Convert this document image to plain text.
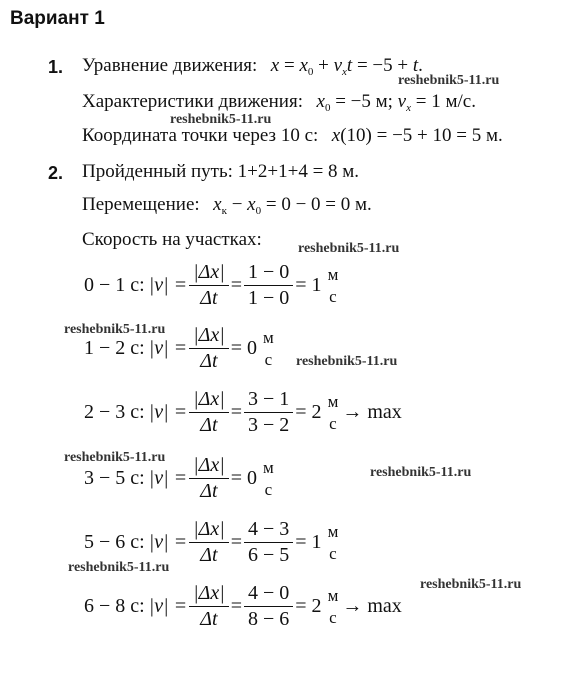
Вариант 1
1. Уравнение движения: $x = x_0 + v_xt = -5 + t$.
Характеристики движения: $x_0 = -5$ м; $v_x = 1$ м/с.
Координата точки через 10 с: x(10) = −5 + 10 = 5 м.
2. Пройденный путь: 1+2+1+4 = 8 м.
Перемещение: $x_к - x_0 = 0 - 0 = 0$ м.
Скорость на участках:
0 − 1 с: $|v| = \frac{|\Delta x|}{\Delta t} = \frac{1 - 0}{1 - 0} = 1$ м
с
1 − 2 с: $|v| = \frac{|\Delta x|}{\Delta t} = 0$ м
с
2 − 3 с: $|v| = \frac{|\Delta x|}{\Delta t} = \frac{3 - 1}{3 - 2} = 2$ м
с → max
3 − 5 с: $|v| = \frac{|\Delta x|}{\Delta t} = 0$ м
с
5 − 6 с: $|v| = \frac{|\Delta x|}{\Delta t} = \frac{4 - 3}{6 - 5} = 1$ м
с
6 − 8 с: $|v| = \frac{|\Delta x|}{\Delta t} = \frac{4 - 0}{8 - 6} = 2$ м
с → max
reshebnik5-11.ru
reshebnik5-11.ru
reshebnik5-11.ru
reshebnik5-11.ru
reshebnik5-11.ru
reshebnik5-11.ru
reshebnik5-11.ru
reshebnik5-11.ru
reshebnik5-11.ru
